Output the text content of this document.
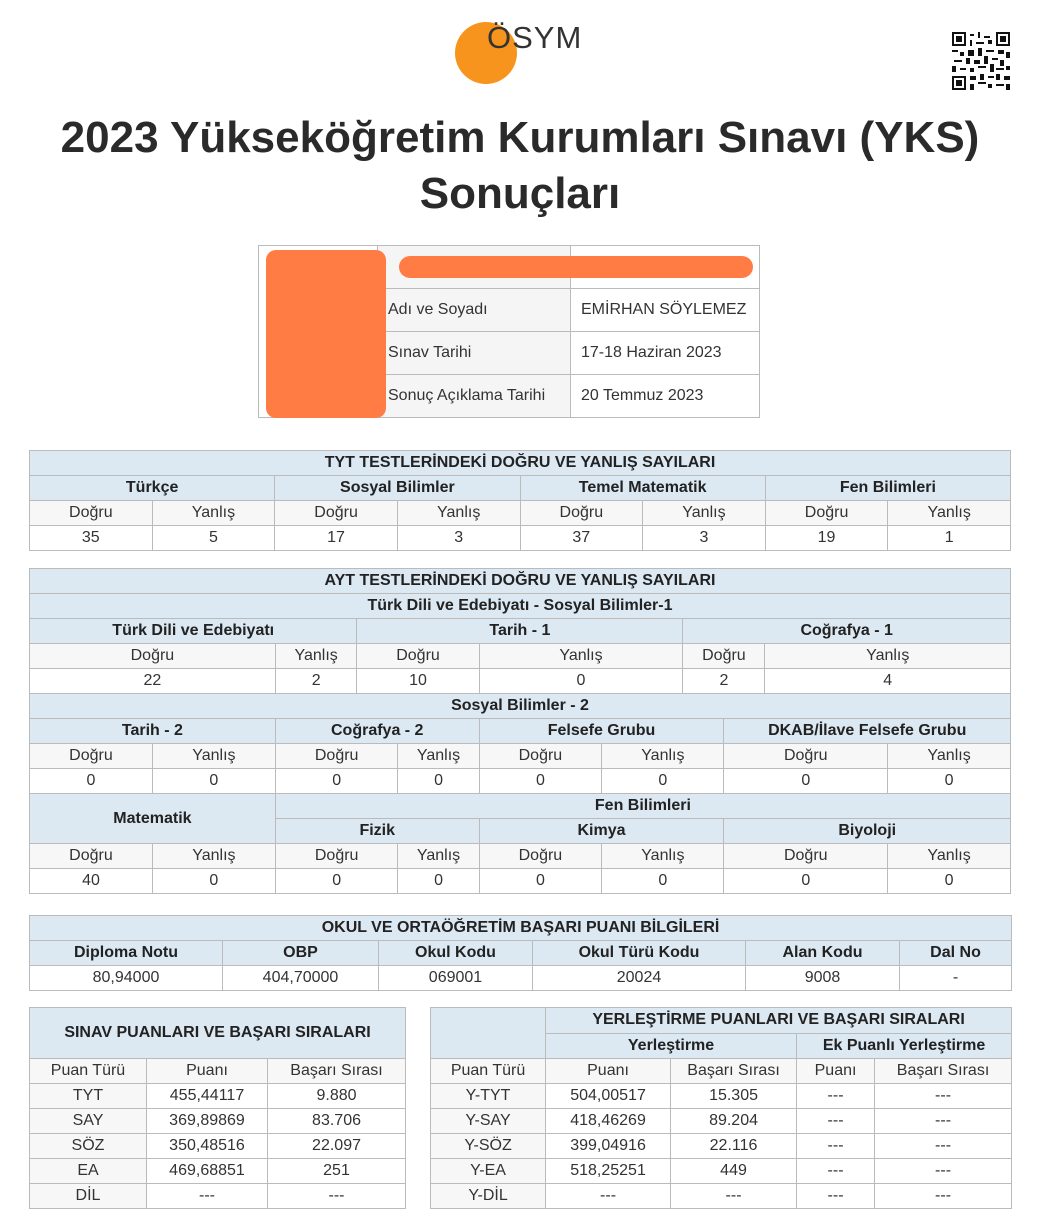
ÖSYM
2023 Yükseköğretim Kurumları Sınavı (YKS) Sonuçları

	Adı ve Soyadı	EMİRHAN SÖYLEMEZ
	Sınav Tarihi	17-18 Haziran 2023
	Sonuç Açıklama Tarihi	20 Temmuz 2023
TYT TESTLERİNDEKİ DOĞRU VE YANLIŞ SAYILARI							
Türkçe		Sosyal Bilimler		Temel Matematik		Fen Bilimleri	
Doğru	Yanlış	Doğru	Yanlış	Doğru	Yanlış	Doğru	Yanlış
35	5	17	3	37	3	19	1
AYT TESTLERİNDEKİ DOĞRU VE YANLIŞ SAYILARI										
Türk Dili ve Edebiyatı - Sosyal Bilimler-1										
Türk Dili ve Edebiyatı			Tarih - 1				Coğrafya - 1			
Doğru		Yanlış	Doğru		Yanlış		Doğru		Yanlış	
22		2	10		0		2		4	
Sosyal Bilimler - 2										
Tarih - 2		Coğrafya - 2			Felsefe Grubu			DKAB/İlave Felsefe Grubu		
Doğru	Yanlış	Doğru		Yanlış	Doğru	Yanlış		Doğru		Yanlış
0	0	0		0	0	0		0		0
Matematik		Fen Bilimleri								
		Fizik			Kimya			Biyoloji		
Doğru	Yanlış	Doğru		Yanlış	Doğru	Yanlış		Doğru		Yanlış
40	0	0		0	0	0		0		0
OKUL VE ORTAÖĞRETİM BAŞARI PUANI BİLGİLERİ					
Diploma Notu	OBP	Okul Kodu	Okul Türü Kodu	Alan Kodu	Dal No
80,94000	404,70000	069001	20024	9008	-
SINAV PUANLARI VE BAŞARI SIRALARI					YERLEŞTİRME PUANLARI VE BAŞARI SIRALARI			
					Yerleştirme		Ek Puanlı Yerleştirme	
Puan Türü	Puanı	Başarı Sırası		Puan Türü	Puanı	Başarı Sırası	Puanı	Başarı Sırası
TYT	455,44117	9.880		Y-TYT	504,00517	15.305	---	---
SAY	369,89869	83.706		Y-SAY	418,46269	89.204	---	---
SÖZ	350,48516	22.097		Y-SÖZ	399,04916	22.116	---	---
EA	469,68851	251		Y-EA	518,25251	449	---	---
DİL	---	---		Y-DİL	---	---	---	---
